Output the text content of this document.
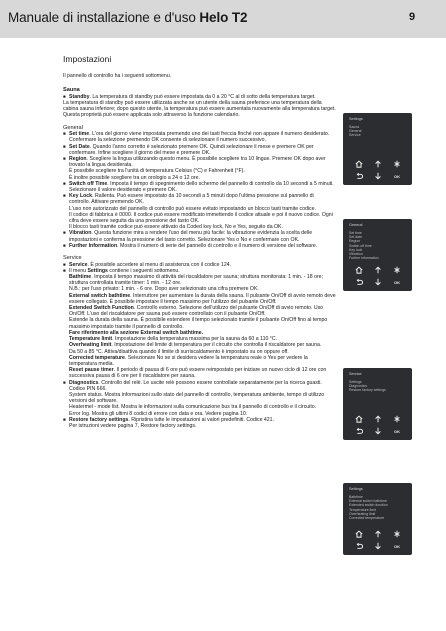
Manuale di installazione e d'uso Helo T2	9
Impostazioni
Il pannello di controllo ha i seguenti sottomenu.
Sauna
■ Standby. La temperatura di standby può essere impostata da 0 a 20 °C al di sotto della temperatura target.
La temperatura di standby può essere utilizzata anche se un utente della sauna preferisce una temperatura della cabina sauna inferiore; dopo questo utente, la temperatura può essere aumentata nuovamente alla temperatura target. Questa proprietà può essere applicata solo attraverso la funzione calendario.
General
■ Set time. L'ora del giorno viene impostata premendo uno dei tasti freccia finché non appare il numero desiderato. Confermare la selezione premendo OK consente di selezionare il numero successivo.
■ Set Date. Quando l'anno corretto è selezionato premere OK. Quindi selezionare il mese e premere OK per confermare. Infine scegliere il giorno del mese e premere OK.
■ Region. Scegliere la lingua utilizzando questo menu. È possibile scegliere tra 10 lingue. Premere OK dopo aver trovato la lingua desiderata.
È possibile scegliere tra l'unità di temperatura Celsius (°C) e Fahrenheit (°F).
È inoltre possibile scegliere tra un orologio a 24 o 12 ore.
■ Switch off Time. Imposta il tempo di spegnimento dello schermo del pannello di controllo da 10 secondi a 5 minuti. Selezionare il valore desiderato e premere OK.
■ Key Lock. Rallenta. Può essere impostato da 10 secondi a 5 minuti dopo l'ultima pressione sul pannello di controllo. Attivare premendo OK.
L'uso non autorizzato del pannello di controllo può essere evitato impostando un blocco tasti tramite codice.
Il codice di fabbrica è 0000. Il codice può essere modificato immettendo il codice attuale e poi il nuovo codice. Ogni cifra deve essere seguita da una pressione del tasto OK.
Il blocco tasti tramite codice può essere attivato da Coded key lock, No e Yes, seguito da OK.
■ Vibration. Questa funzione mira a rendere l'uso del menu più facile: la vibrazione evidenzia la scelta delle impostazioni e conferma la pressione del tasto corretto. Selezionare Yes o No e confermare con OK.
■ Further Information. Mostra il numero di serie del pannello di controllo e il numero di versione del software.
Service
■ Service. È possibile accedere al menu di assistenza con il codice 124.
■ Il menu Settings contiene i seguenti sottomenu.
Bathtime. Imposta il tempo massimo di attività del riscaldatore per sauna; struttura monitorata: 1 min. - 18 ore; struttura controllata tramite timer: 1 min. - 12 ore.
N.B.: per l'uso privato: 1 min. - 6 ore. Dopo aver selezionato una cifra premere OK.
External switch bathtime. Interruttore per aumentare la durata della sauna. Il pulsante On/Off di avvio remoto deve essere collegato. È possibile impostare il tempo massimo per l'utilizzo del pulsante On/Off.
Extended Switch Function. Controllo esterno. Selezione dell'utilizzo del pulsante On/Off di avvio remoto. Uso On/Off. L'uso del riscaldatore per sauna può essere controllato con il pulsante On/Off.
Estende la durata della sauna. È possibile estendere il tempo selezionato tramite il pulsante On/Off fino al tempo massimo impostato tramite il pannello di controllo.
Fare riferimento alla sezione External switch bathtime.
Temperature limit. Impostazione della temperatura massima per la sauna da 60 a 110 °C.
Overheating limit. Impostazione del limite di temperatura per il circuito che controlla il riscaldatore per sauna.
Da 50 a 85 °C. Attiva/disattiva quando il limite di surriscaldamento è impostato su on oppure off.
Corrected temperature. Selezionare No se si desidera vedere la temperatura reale o Yes per vedere la temperatura media.
Reset pause timer. Il periodo di pausa di 6 ore può essere reimpostato per iniziare un nuovo ciclo di 12 ore con successiva pausa di 6 ore per il riscaldatore per sauna.
■ Diagnostics. Controllo del relè. Le uscite relè possono essere controllate separatamente per la ricerca guasti.
Codice PIN 666.
System status. Mostra informazioni sullo stato del pannello di controllo, temperatura ambiente, tempo di utilizzo versioni del software.
Heatermel - mode list. Mostra le informazioni sulla comunicazione bus tra il pannello di controllo e il circuito.
Error log. Mostra gli ultimi 8 codici di errore con data e ora. Vedere pagina 10.
■ Restore factory settings. Ripristina tutte le impostazioni ai valori predefiniti. Codice 421.
Per istruzioni vedere pagina 7, Restore factory settings.
Settings
Sauna
General
Service
OK
General
Set time
Set date
Region
Switch off time
Key lock
Vibration
Further information
OK
Service
Settings
Diagnostics
Restore factory settings
OK
Settings
Bathtime
External switch bathtime
Extended switch function
Temperature limit
Overheating limit
Corrected temperature
OK
